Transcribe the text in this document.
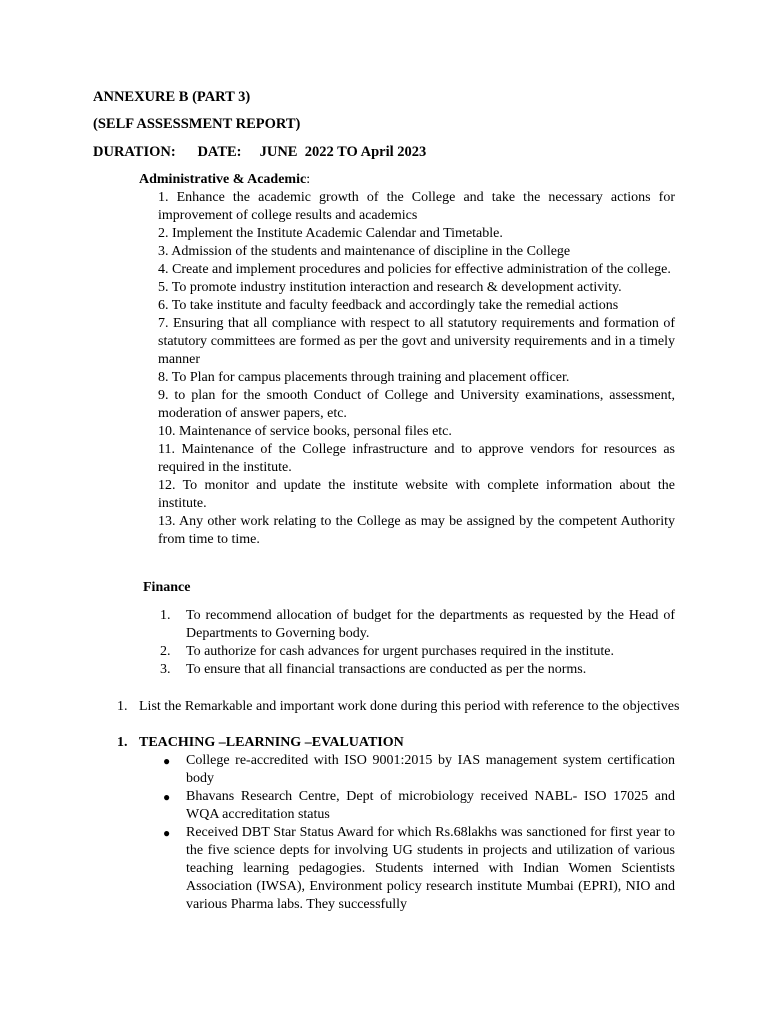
ANNEXURE B (PART 3)
(SELF ASSESSMENT REPORT)
DURATION:      DATE:     JUNE  2022 TO April 2023
Administrative & Academic:

1. Enhance the academic growth of the College and take the necessary actions for improvement of college results and academics

2. Implement the Institute Academic Calendar and Timetable.

3. Admission of the students and maintenance of discipline in the College

4. Create and implement procedures and policies for effective administration of the college.

5. To promote industry institution interaction and research & development activity.

6. To take institute and faculty feedback and accordingly take the remedial actions

7. Ensuring that all compliance with respect to all statutory requirements and formation of statutory committees are formed as per the govt and university requirements and in a timely manner

8. To Plan for campus placements through training and placement officer.

9. to plan for the smooth Conduct of College and University examinations, assessment, moderation of answer papers, etc.

10. Maintenance of service books, personal files etc.

11. Maintenance of the College infrastructure and to approve vendors for resources as required in the institute.

12. To monitor and update the institute website with complete information about the institute.

13. Any other work relating to the College as may be assigned by the competent Authority from time to time.

Finance
1.	To recommend allocation of budget for the departments as requested by the Head of Departments to Governing body.
2.	To authorize for cash advances for urgent purchases required in the institute.
3.	To ensure that all financial transactions are conducted as per the norms.
1. List the Remarkable and important work done during this period with reference to the objectives
1. TEACHING –LEARNING –EVALUATION
● College re-accredited with ISO 9001:2015 by IAS management system certification body
● Bhavans Research Centre, Dept of microbiology received NABL- ISO 17025 and WQA accreditation status
● Received DBT Star Status Award for which Rs.68lakhs was sanctioned for first year to the five science depts for involving UG students in projects and utilization of various teaching learning pedagogies. Students interned with Indian Women Scientists Association (IWSA), Environment policy research institute Mumbai (EPRI), NIO and various Pharma labs. They successfully
